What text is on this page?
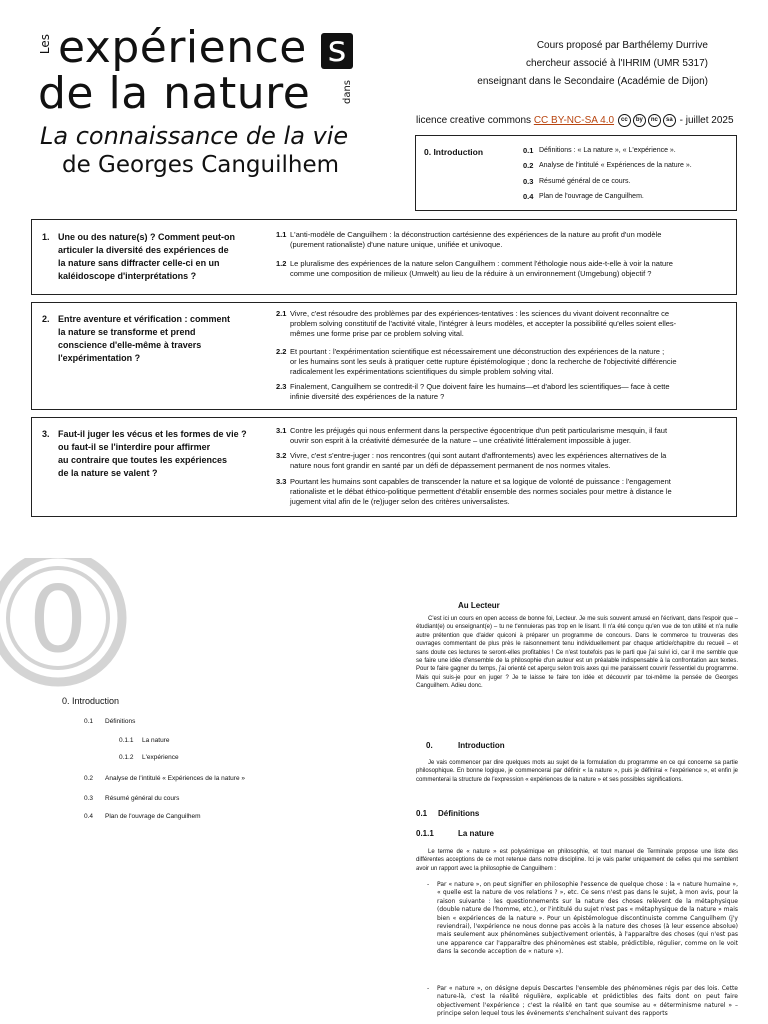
Les expérience s
de la nature	dans
La connaissance de la vie
de Georges Canguilhem
Cours proposé par Barthélemy Durrive
chercheur associé à l'IHRIM (UMR 5317)
enseignant dans le Secondaire (Académie de Dijon)
licence creative commons CC BY-NC-SA 4.0 cc by nc sa - juillet 2025
0. Introduction	0.1 Définitions : « La nature », « L'expérience ».
0.2 Analyse de l'intitulé « Expériences de la nature ».
0.3 Résumé général de ce cours.
0.4 Plan de l'ouvrage de Canguilhem.
1. Une ou des nature(s) ? Comment peut-on
articuler la diversité des expériences de
la nature sans diffracter celle-ci en un
kaléidoscope d'interprétations ?
1.1 L'anti-modèle de Canguilhem : la déconstruction cartésienne des expériences de la nature au profit d'un modèle
(purement rationaliste) d'une nature unique, unifiée et univoque.
1.2 Le pluralisme des expériences de la nature selon Canguilhem : comment l'éthologie nous aide-t-elle à voir la nature
comme une composition de milieux (Umwelt) au lieu de la réduire à un environnement (Umgebung) objectif ?
2. Entre aventure et vérification : comment
la nature se transforme et prend
conscience d'elle-même à travers
l'expérimentation ?
2.1 Vivre, c'est résoudre des problèmes par des expériences-tentatives : les sciences du vivant doivent reconnaître ce
problem solving constitutif de l'activité vitale, l'intégrer à leurs modèles, et accepter la possibilité qu'elles soient elles-
mêmes une forme prise par ce problem solving vital.
2.2 Et pourtant : l'expérimentation scientifique est nécessairement une déconstruction des expériences de la nature ;
or les humains sont les seuls à pratiquer cette rupture épistémologique ; donc la recherche de l'objectivité différencie
radicalement les expérimentations scientifiques du simple problem solving vital.
2.3 Finalement, Canguilhem se contredit-il ? Que doivent faire les humains—et d'abord les scientifiques— face à cette
infinie diversité des expériences de la nature ?
3. Faut-il juger les vécus et les formes de vie ?
ou faut-il se l'interdire pour affirmer
au contraire que toutes les expériences
de la nature se valent ?
3.1 Contre les préjugés qui nous enferment dans la perspective égocentrique d'un petit particularisme mesquin, il faut
ouvrir son esprit à la créativité démesurée de la nature – une créativité littéralement impossible à juger.
3.2 Vivre, c'est s'entre-juger : nos rencontres (qui sont autant d'affrontements) avec les expériences alternatives de la
nature nous font grandir en santé par un défi de dépassement permanent de nos normes vitales.
3.3 Pourtant les humains sont capables de transcender la nature et sa logique de volonté de puissance : l'engagement
rationaliste et le débat éthico-politique permettent d'établir ensemble des normes sociales pour mettre à distance le
jugement vital afin de le (re)juger selon des critères universalistes.
0
0. Introduction
0.1 Définitions
0.1.1 La nature
0.1.2 L'expérience
0.2 Analyse de l'intitulé « Expériences de la nature »
0.3 Résumé général du cours
0.4 Plan de l'ouvrage de Canguilhem
Au Lecteur
C'est ici un cours en open access de bonne foi, Lecteur. Je me suis souvent amusé en l'écrivant, dans l'espoir que – étudiant(e) ou enseignant(e) – tu ne t'ennuieras pas trop en le lisant. Il n'a été conçu qu'en vue de ton utilité et n'a nulle autre prétention que d'aider quiconi à préparer un programme de concours. Dans le commerce tu trouveras des ouvrages commentant de plus près le raisonnement tenu individuellement par chaque article/chapitre du recueil – et sans doute ces lectures te seront-elles profitables ! Ce n'est toutefois pas le parti que j'ai suivi ici, car il me semble que se faire une idée d'ensemble de la philosophie d'un auteur est un préalable indispensable à la confrontation aux textes. Pour te faire gagner du temps, j'ai orienté cet aperçu selon trois axes qui me paraissent couvrir l'essentiel du programme. Mais qui suis-je pour en juger ? Je te laisse te faire ton idée et découvrir par toi-même la pensée de Georges Canguilhem. Adieu donc.
0.	Introduction
Je vais commencer par dire quelques mots au sujet de la formulation du programme en ce qui concerne sa partie philosophique. En bonne logique, je commencerai par définir « la nature », puis je définirai « l'expérience », et enfin je commenterai la structure de l'expression « expériences de la nature » et ses possibles significations.
0.1 Définitions
0.1.1	La nature
Le terme de « nature » est polysémique en philosophie, et tout manuel de Terminale propose une liste des différentes acceptions de ce mot retenue dans notre discipline. Ici je vais parler uniquement de celles qui me semblent avoir un rapport avec la philosophie de Canguilhem :
- Par « nature », on peut signifier en philosophie l'essence de quelque chose : la « nature humaine », « quelle est la nature de vos relations ? », etc. Ce sens n'est pas dans le sujet, à mon avis, pour la raison suivante : les questionnements sur la nature des choses relèvent de la métaphysique (double nature de l'homme, etc.), or l'intitulé du sujet n'est pas « métaphysique de la nature » mais bien « expériences de la nature ». Pour un épistémologue discontinuiste comme Canguilhem (j'y reviendrai), l'expérience ne nous donne pas accès à la nature des choses (à leur essence absolue) mais seulement aux phénomènes subjectivement orientés, à l'apparaître des choses (qui n'est pas une apparence car l'apparaître des phénomènes est stable, prédictible, régulier, comme on le voit dans la seconde acception de « nature »).
- Par « nature », on désigne depuis Descartes l'ensemble des phénomènes régis par des lois. Cette nature-là, c'est la réalité régulière, explicable et prédictibles des faits dont on peut faire objectivement l'expérience ; c'est la réalité en tant que soumise au « déterminisme naturel » – principe selon lequel tous les événements s'enchaînent suivant des rapports
